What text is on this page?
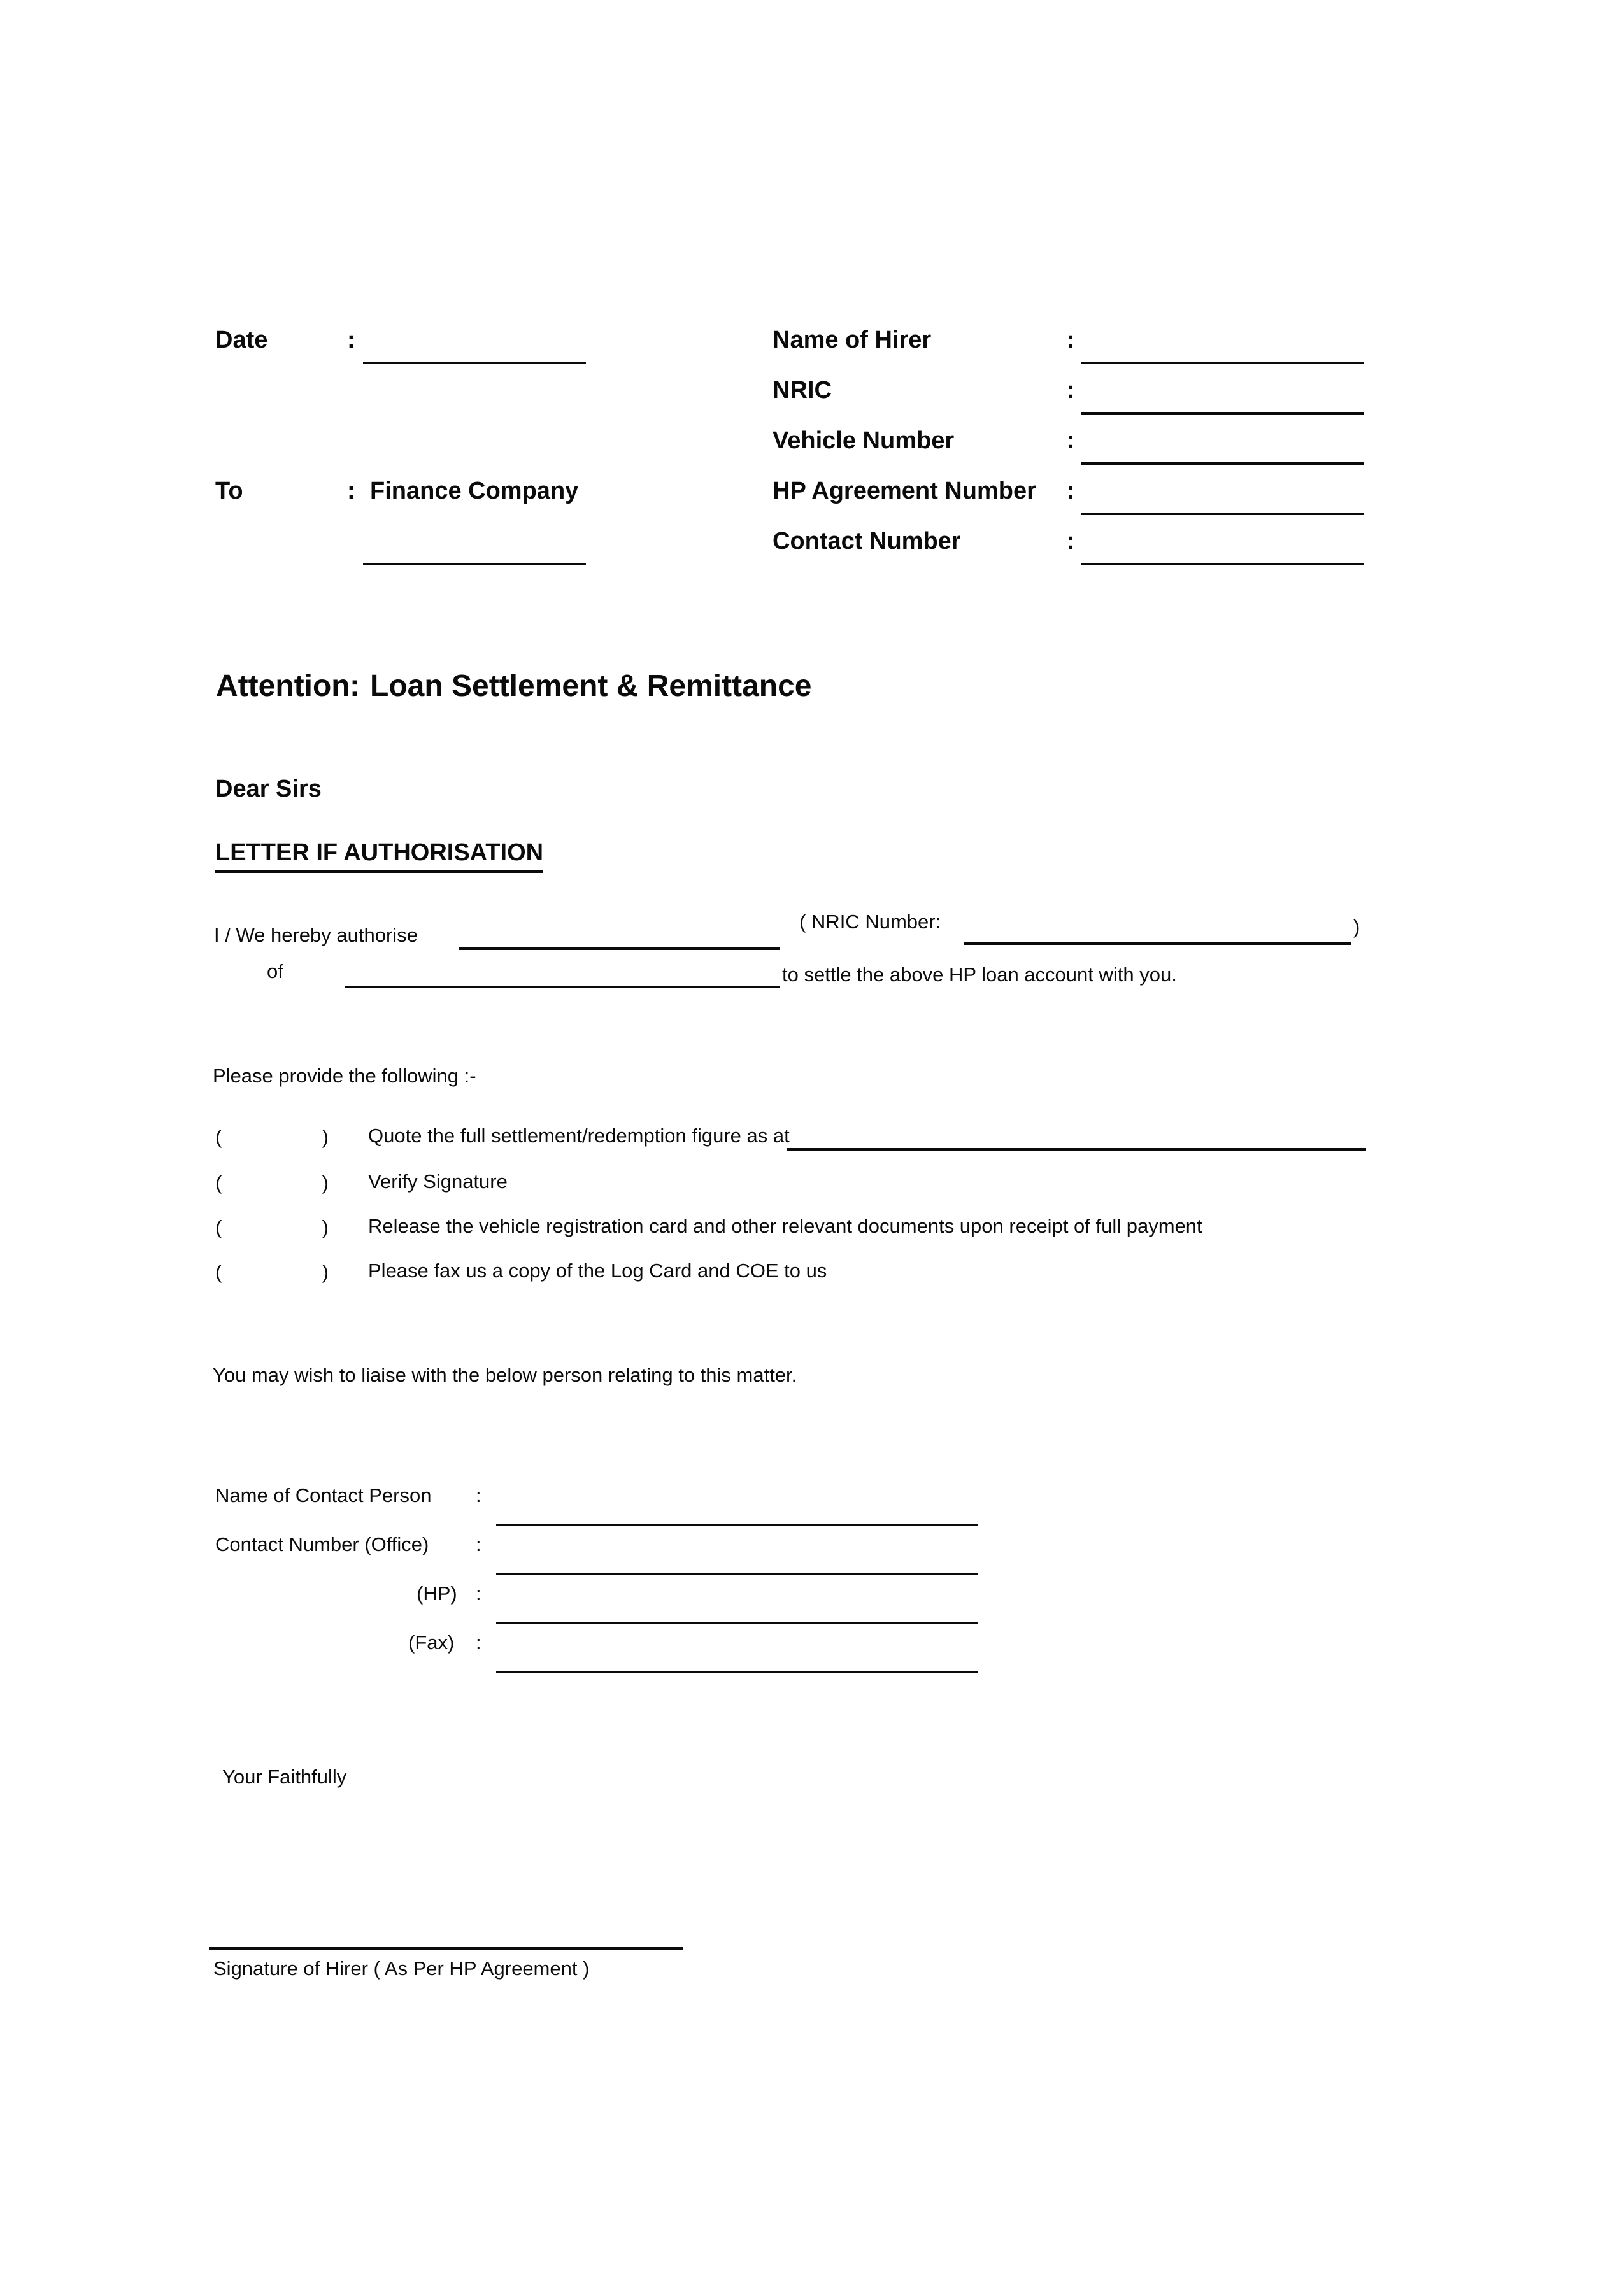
Date	:
To	: Finance Company
Name of Hirer	:
NRIC	:
Vehicle Number	:
HP Agreement Number :
Contact Number	:
Attention : Loan Settlement & Remittance
Dear Sirs
LETTER IF AUTHORISATION
I / We hereby authorise
( NRIC Number:	)
of	to settle the above HP loan account with you.
Please provide the following :-
(	) Quote the full settlement/redemption figure as at
(	) Verify Signature
(	) Release the vehicle registration card and other relevant documents upon receipt of full payment
(	) Please fax us a copy of the Log Card and COE to us
You may wish to liaise with the below person relating to this matter.
Name of Contact Person :
Contact Number (Office) :
(HP) :
(Fax) :
Your Faithfully
Signature of Hirer ( As Per HP Agreement )
